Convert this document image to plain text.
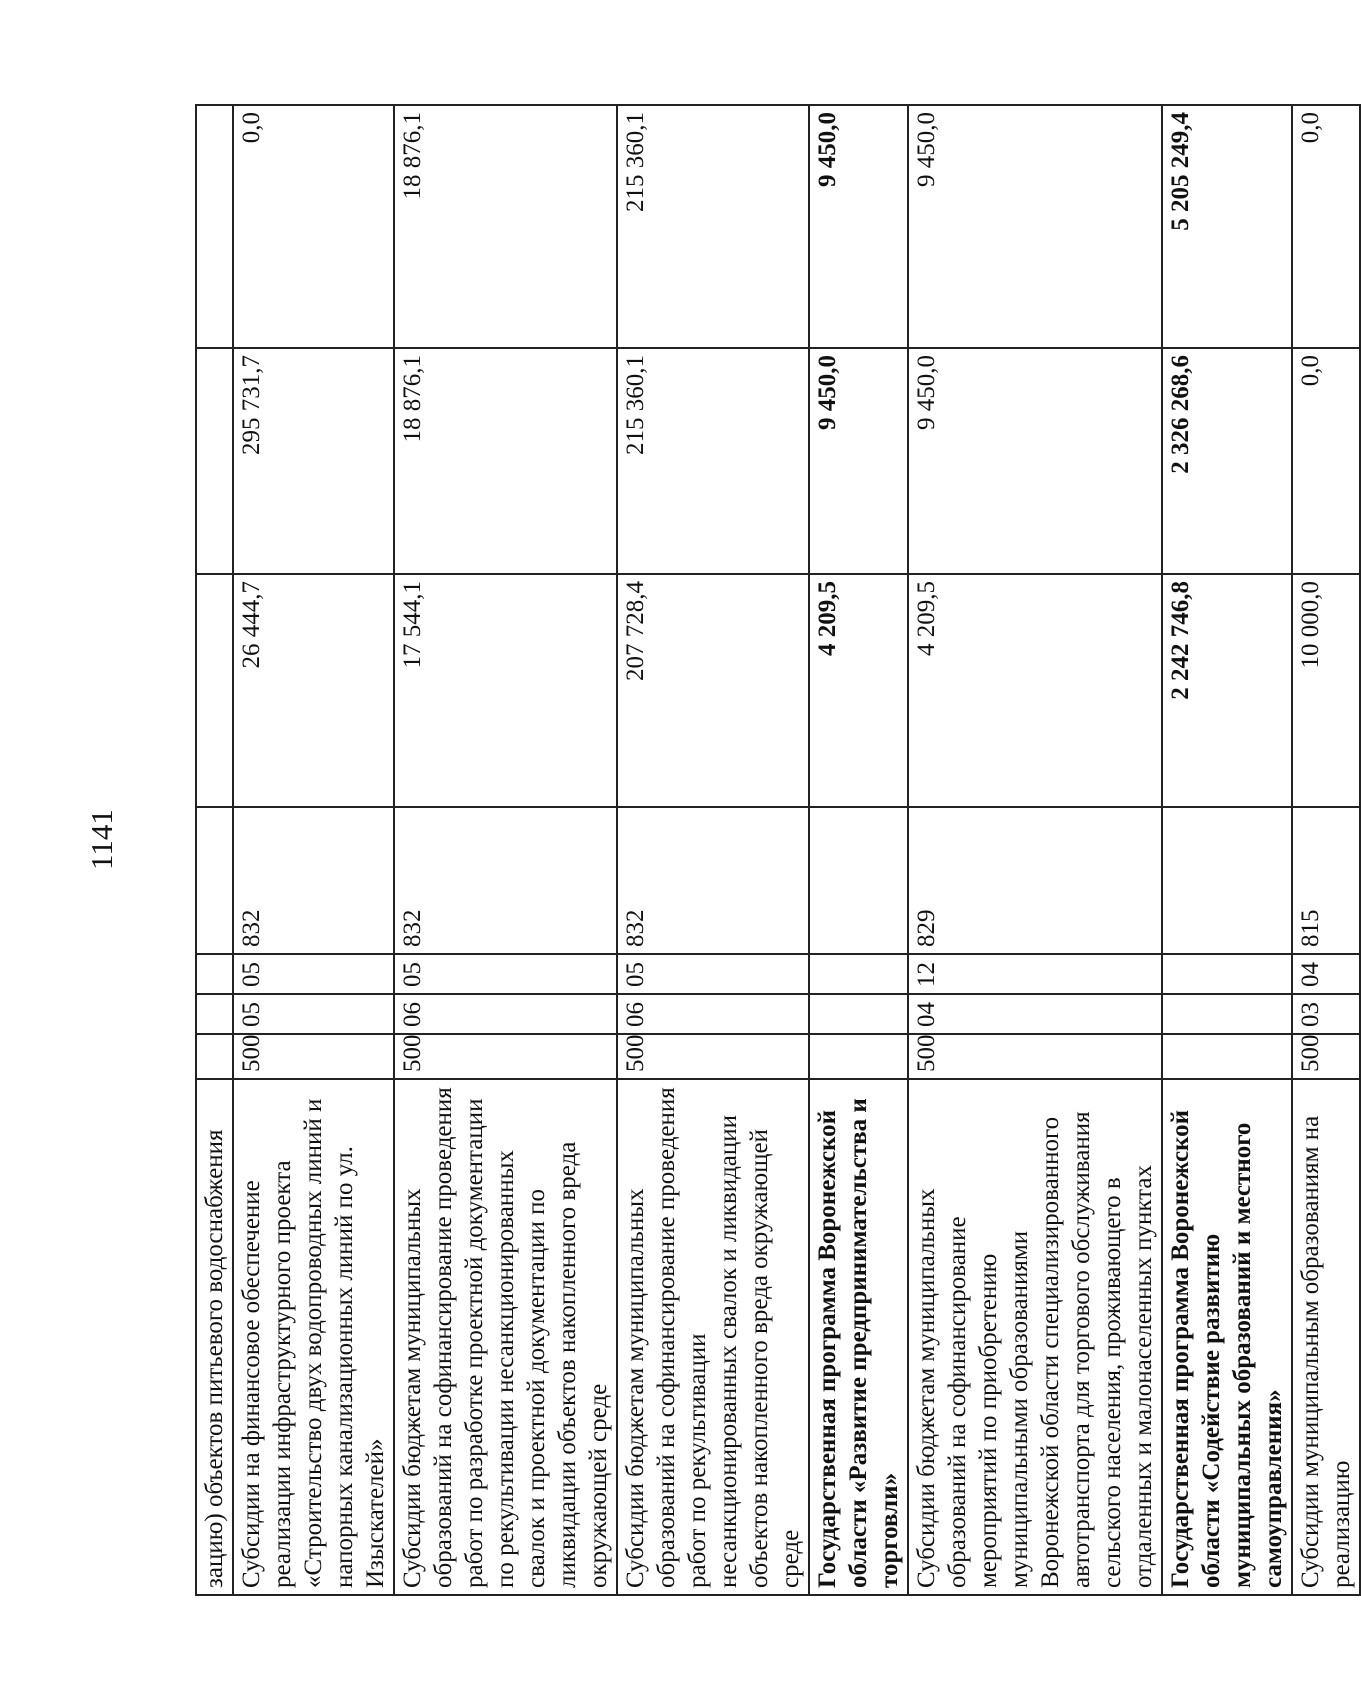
1141
зацию) объектов питьевого водоснабжения							
Субсидии на финансовое обеспечение реализации инфраструктурного проекта «Строительство двух водопроводных линий и напорных канализационных линий по ул. Изыскателей»	500	05	05	832	26 444,7	295 731,7	0,0
Субсидии бюджетам муниципальных образований на софинансирование проведения работ по разработке проектной документации по рекультивации несанкционированных свалок и проектной документации по ликвидации объектов накопленного вреда окружающей среде	500	06	05	832	17 544,1	18 876,1	18 876,1
Субсидии бюджетам муниципальных образований на софинансирование проведения работ по рекультивации несанкционированных свалок и ликвидации объектов накопленного вреда окружающей среде	500	06	05	832	207 728,4	215 360,1	215 360,1
Государственная программа Воронежской области «Развитие предпринимательства и торговли»					4 209,5	9 450,0	9 450,0
Субсидии бюджетам муниципальных образований на софинансирование мероприятий по приобретению муниципальными образованиями Воронежской области специализированного автотранспорта для торгового обслуживания сельского населения, проживающего в отдаленных и малонаселенных пунктах	500	04	12	829	4 209,5	9 450,0	9 450,0
Государственная программа Воронежской области «Содействие развитию муниципальных образований и местного самоуправления»					2 242 746,8	2 326 268,6	5 205 249,4
Субсидии муниципальным образованиям на реализацию	500	03	04	815	10 000,0	0,0	0,0
